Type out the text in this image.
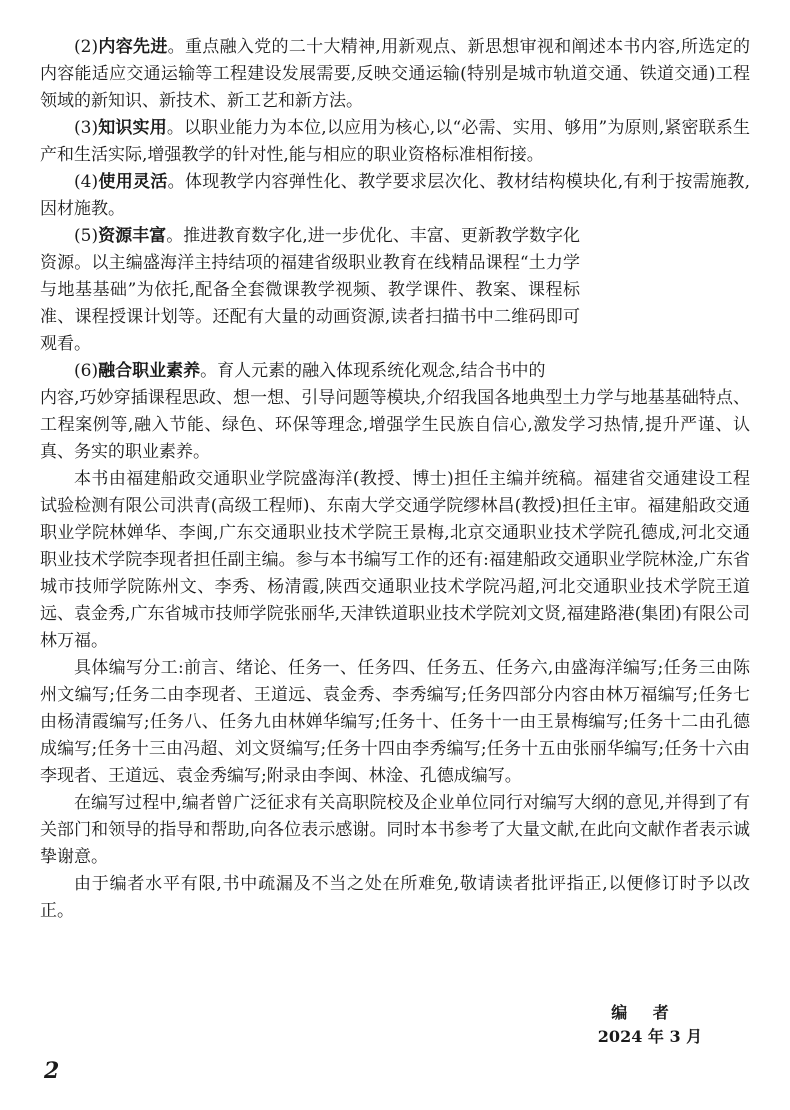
(2)内容先进。重点融入党的二十大精神,用新观点、新思想审视和阐述本书内容,所选定的内容能适应交通运输等工程建设发展需要,反映交通运输(特别是城市轨道交通、铁道交通)工程领域的新知识、新技术、新工艺和新方法。

(3)知识实用。以职业能力为本位,以应用为核心,以“必需、实用、够用”为原则,紧密联系生产和生活实际,增强教学的针对性,能与相应的职业资格标准相衔接。

(4)使用灵活。体现教学内容弹性化、教学要求层次化、教材结构模块化,有利于按需施教,因材施教。

(5)资源丰富。推进教育数字化,进一步优化、丰富、更新教学数字化资源。以主编盛海洋主持结项的福建省级职业教育在线精品课程“土力学与地基基础”为依托,配备全套微课教学视频、教学课件、教案、课程标准、课程授课计划等。还配有大量的动画资源,读者扫描书中二维码即可观看。

(6)融合职业素养。育人元素的融入体现系统化观念,结合书中的

内容,巧妙穿插课程思政、想一想、引导问题等模块,介绍我国各地典型土力学与地基基础特点、工程案例等,融入节能、绿色、环保等理念,增强学生民族自信心,激发学习热情,提升严谨、认真、务实的职业素养。

本书由福建船政交通职业学院盛海洋(教授、博士)担任主编并统稿。福建省交通建设工程试验检测有限公司洪青(高级工程师)、东南大学交通学院缪林昌(教授)担任主审。福建船政交通职业学院林婵华、李闽,广东交通职业技术学院王景梅,北京交通职业技术学院孔德成,河北交通职业技术学院李现者担任副主编。参与本书编写工作的还有:福建船政交通职业学院林淦,广东省城市技师学院陈州文、李秀、杨清霞,陕西交通职业技术学院冯超,河北交通职业技术学院王道远、袁金秀,广东省城市技师学院张丽华,天津铁道职业技术学院刘文贤,福建路港(集团)有限公司林万福。

具体编写分工:前言、绪论、任务一、任务四、任务五、任务六,由盛海洋编写;任务三由陈州文编写;任务二由李现者、王道远、袁金秀、李秀编写;任务四部分内容由林万福编写;任务七由杨清霞编写;任务八、任务九由林婵华编写;任务十、任务十一由王景梅编写;任务十二由孔德成编写;任务十三由冯超、刘文贤编写;任务十四由李秀编写;任务十五由张丽华编写;任务十六由李现者、王道远、袁金秀编写;附录由李闽、林淦、孔德成编写。

在编写过程中,编者曾广泛征求有关高职院校及企业单位同行对编写大纲的意见,并得到了有关部门和领导的指导和帮助,向各位表示感谢。同时本书参考了大量文献,在此向文献作者表示诚挚谢意。

由于编者水平有限,书中疏漏及不当之处在所难免,敬请读者批评指正,以便修订时予以改正。

编 者
2024 年 3 月
2
